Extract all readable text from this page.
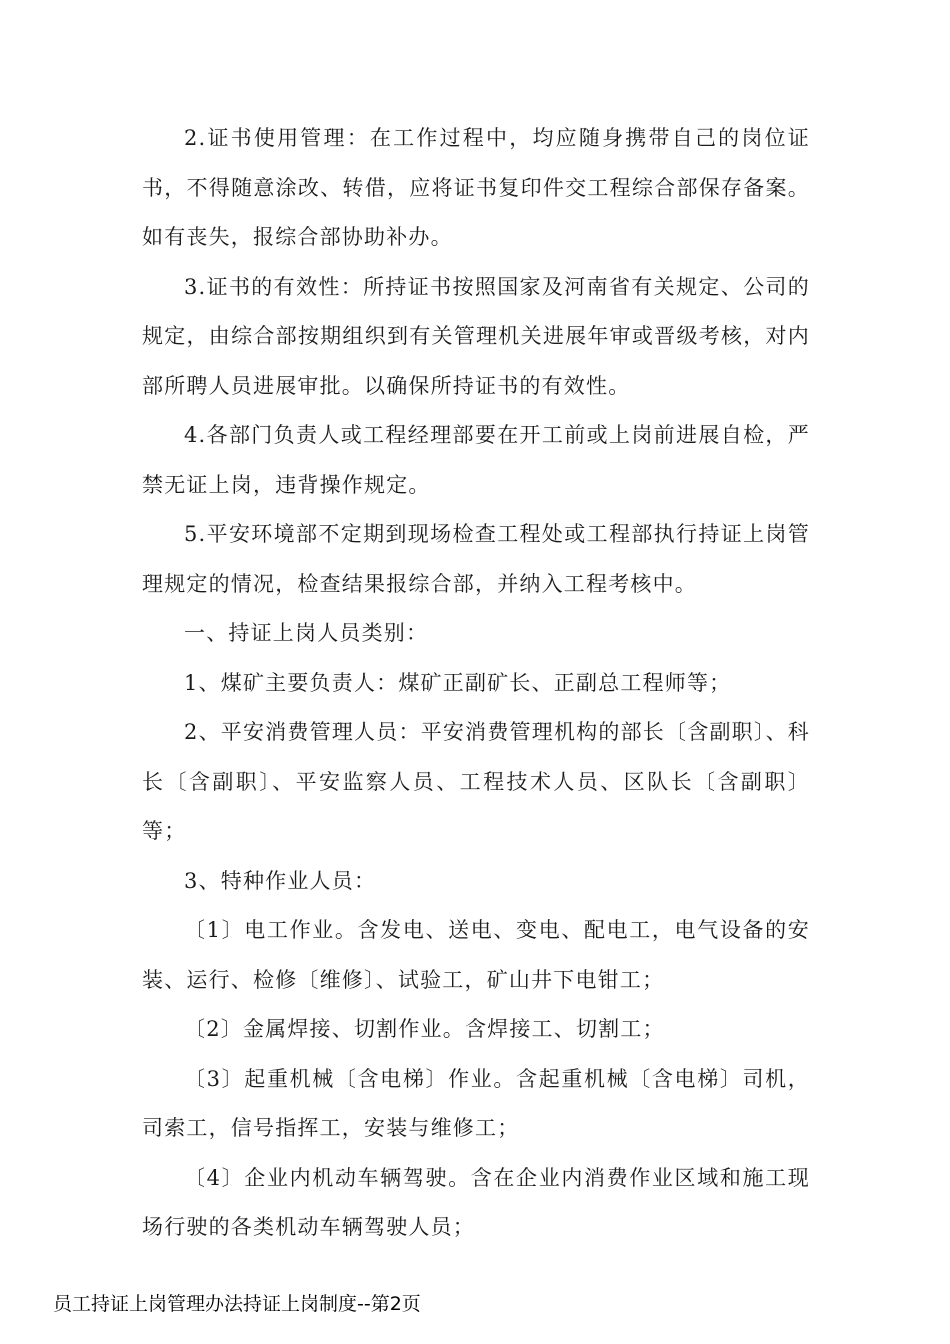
2.证书使用管理：在工作过程中，均应随身携带自己的岗位证书，不得随意涂改、转借，应将证书复印件交工程综合部保存备案。如有丧失，报综合部协助补办。

3.证书的有效性：所持证书按照国家及河南省有关规定、公司的规定，由综合部按期组织到有关管理机关进展年审或晋级考核，对内部所聘人员进展审批。以确保所持证书的有效性。

4.各部门负责人或工程经理部要在开工前或上岗前进展自检，严禁无证上岗，违背操作规定。

5.平安环境部不定期到现场检查工程处或工程部执行持证上岗管理规定的情况，检查结果报综合部，并纳入工程考核中。

一、持证上岗人员类别：

1、煤矿主要负责人：煤矿正副矿长、正副总工程师等；

2、平安消费管理人员：平安消费管理机构的部长〔含副职〕、科长〔含副职〕、平安监察人员、工程技术人员、区队长〔含副职〕等；

3、特种作业人员：

〔1〕电工作业。含发电、送电、变电、配电工，电气设备的安装、运行、检修〔维修〕、试验工，矿山井下电钳工；

〔2〕金属焊接、切割作业。含焊接工、切割工；

〔3〕起重机械〔含电梯〕作业。含起重机械〔含电梯〕司机，司索工，信号指挥工，安装与维修工；

〔4〕企业内机动车辆驾驶。含在企业内消费作业区域和施工现场行驶的各类机动车辆驾驶人员；

员工持证上岗管理办法持证上岗制度--第2页
